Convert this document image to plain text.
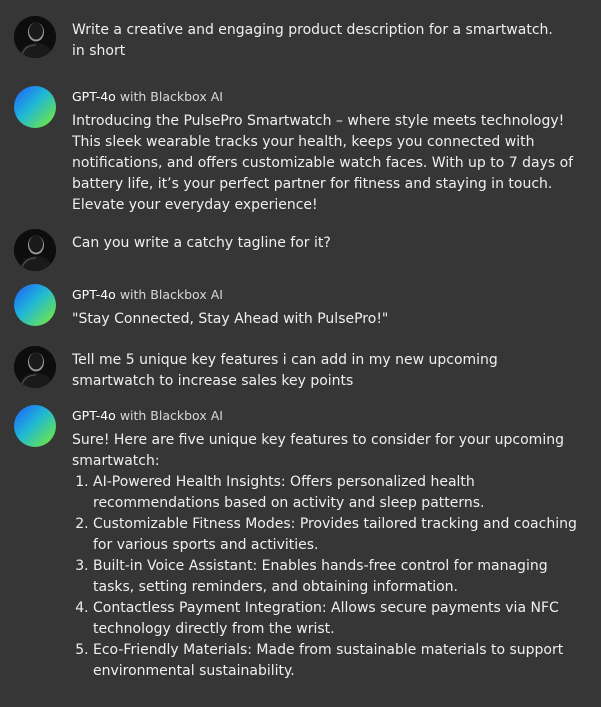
Write a creative and engaging product description for a smartwatch.
in short
GPT-4o with Blackbox AI
Introducing the PulsePro Smartwatch – where style meets technology! This sleek wearable tracks your health, keeps you connected with notifications, and offers customizable watch faces. With up to 7 days of battery life, it’s your perfect partner for fitness and staying in touch. Elevate your everyday experience!
Can you write a catchy tagline for it?
GPT-4o with Blackbox AI
"Stay Connected, Stay Ahead with PulsePro!"
Tell me 5 unique key features i can add in my new upcoming smartwatch to increase sales key points
GPT-4o with Blackbox AI
Sure! Here are five unique key features to consider for your upcoming smartwatch:
1. AI-Powered Health Insights: Offers personalized health recommendations based on activity and sleep patterns.
2. Customizable Fitness Modes: Provides tailored tracking and coaching for various sports and activities.
3. Built-in Voice Assistant: Enables hands-free control for managing tasks, setting reminders, and obtaining information.
4. Contactless Payment Integration: Allows secure payments via NFC technology directly from the wrist.
5. Eco-Friendly Materials: Made from sustainable materials to support environmental sustainability.
